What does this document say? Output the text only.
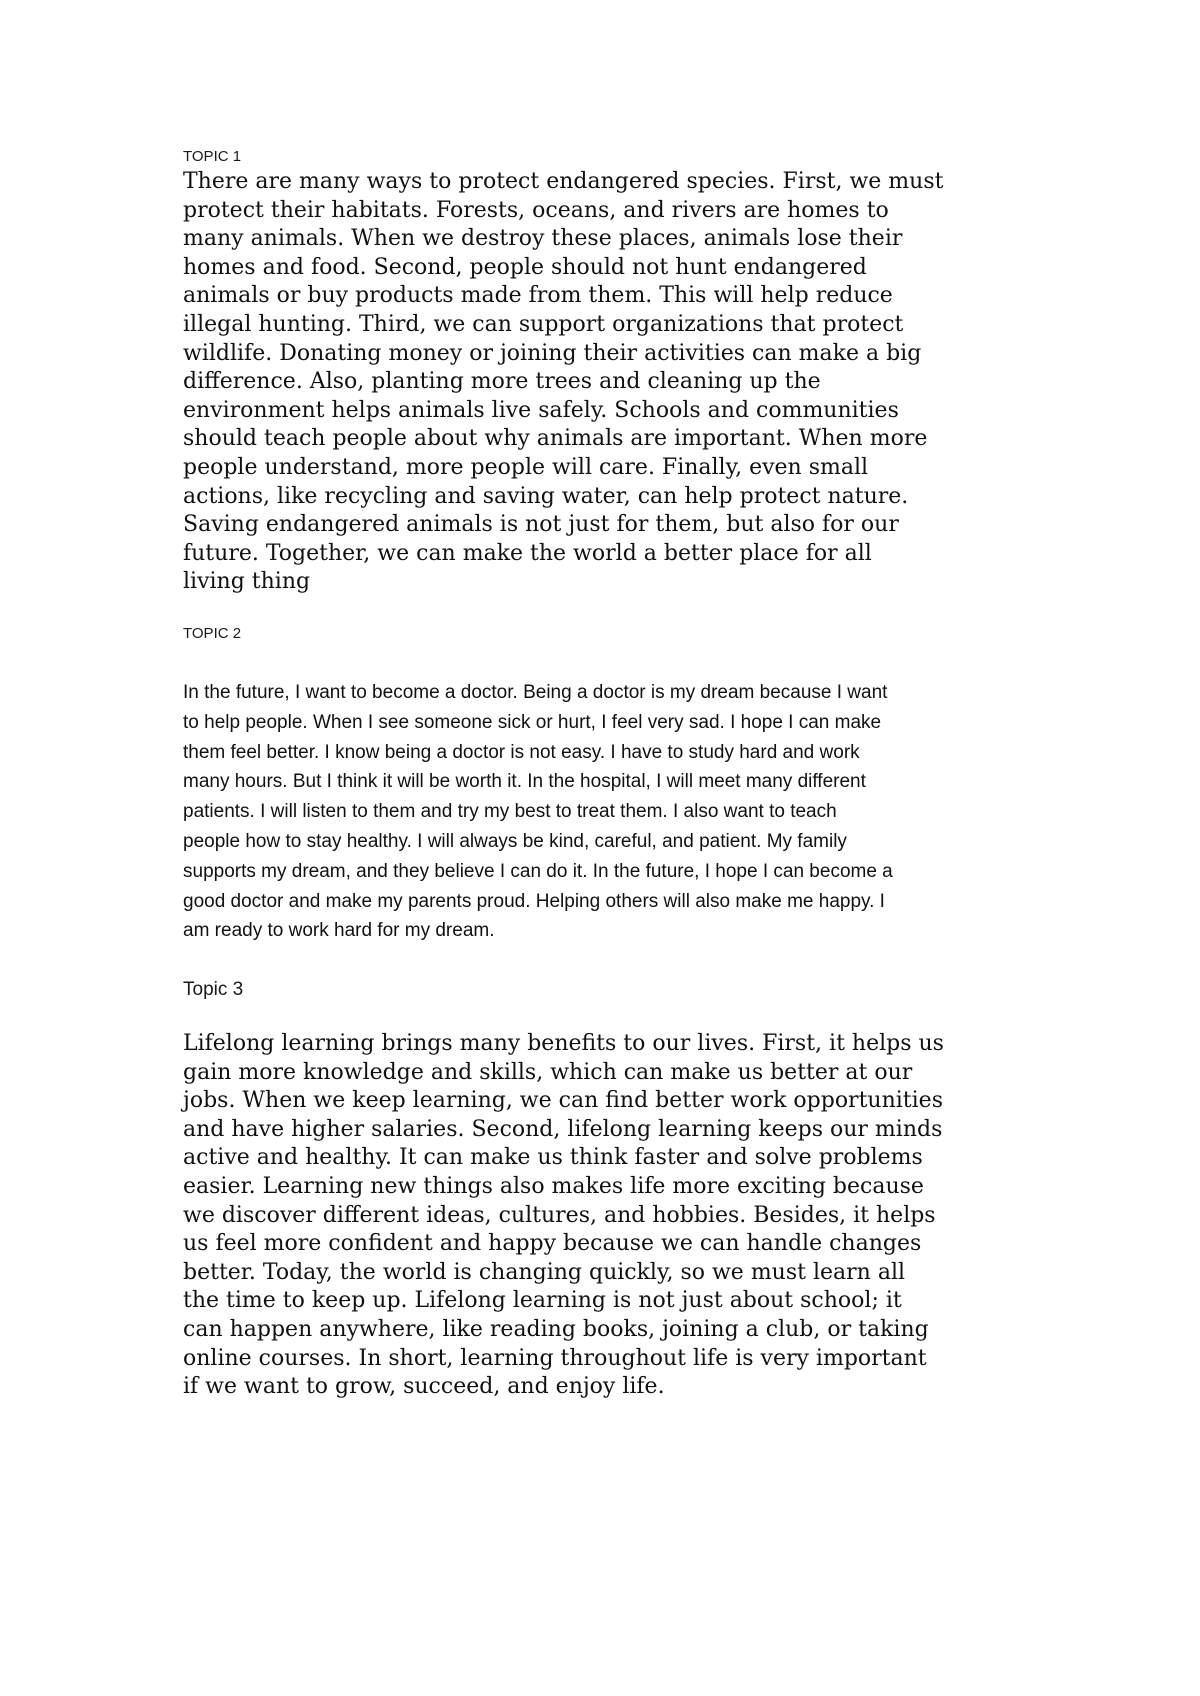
TOPIC 1

There are many ways to protect endangered species. First, we must

protect their habitats. Forests, oceans, and rivers are homes to

many animals. When we destroy these places, animals lose their

homes and food. Second, people should not hunt endangered

animals or buy products made from them. This will help reduce

illegal hunting. Third, we can support organizations that protect

wildlife. Donating money or joining their activities can make a big

difference. Also, planting more trees and cleaning up the

environment helps animals live safely. Schools and communities

should teach people about why animals are important. When more

people understand, more people will care. Finally, even small

actions, like recycling and saving water, can help protect nature.

Saving endangered animals is not just for them, but also for our

future. Together, we can make the world a better place for all

living thing

TOPIC 2

In the future, I want to become a doctor. Being a doctor is my dream because I want

to help people. When I see someone sick or hurt, I feel very sad. I hope I can make

them feel better. I know being a doctor is not easy. I have to study hard and work

many hours. But I think it will be worth it. In the hospital, I will meet many different

patients. I will listen to them and try my best to treat them. I also want to teach

people how to stay healthy. I will always be kind, careful, and patient. My family

supports my dream, and they believe I can do it. In the future, I hope I can become a

good doctor and make my parents proud. Helping others will also make me happy. I

am ready to work hard for my dream.

Topic 3

Lifelong learning brings many benefits to our lives. First, it helps us

gain more knowledge and skills, which can make us better at our

jobs. When we keep learning, we can find better work opportunities

and have higher salaries. Second, lifelong learning keeps our minds

active and healthy. It can make us think faster and solve problems

easier. Learning new things also makes life more exciting because

we discover different ideas, cultures, and hobbies. Besides, it helps

us feel more confident and happy because we can handle changes

better. Today, the world is changing quickly, so we must learn all

the time to keep up. Lifelong learning is not just about school; it

can happen anywhere, like reading books, joining a club, or taking

online courses. In short, learning throughout life is very important

if we want to grow, succeed, and enjoy life.
